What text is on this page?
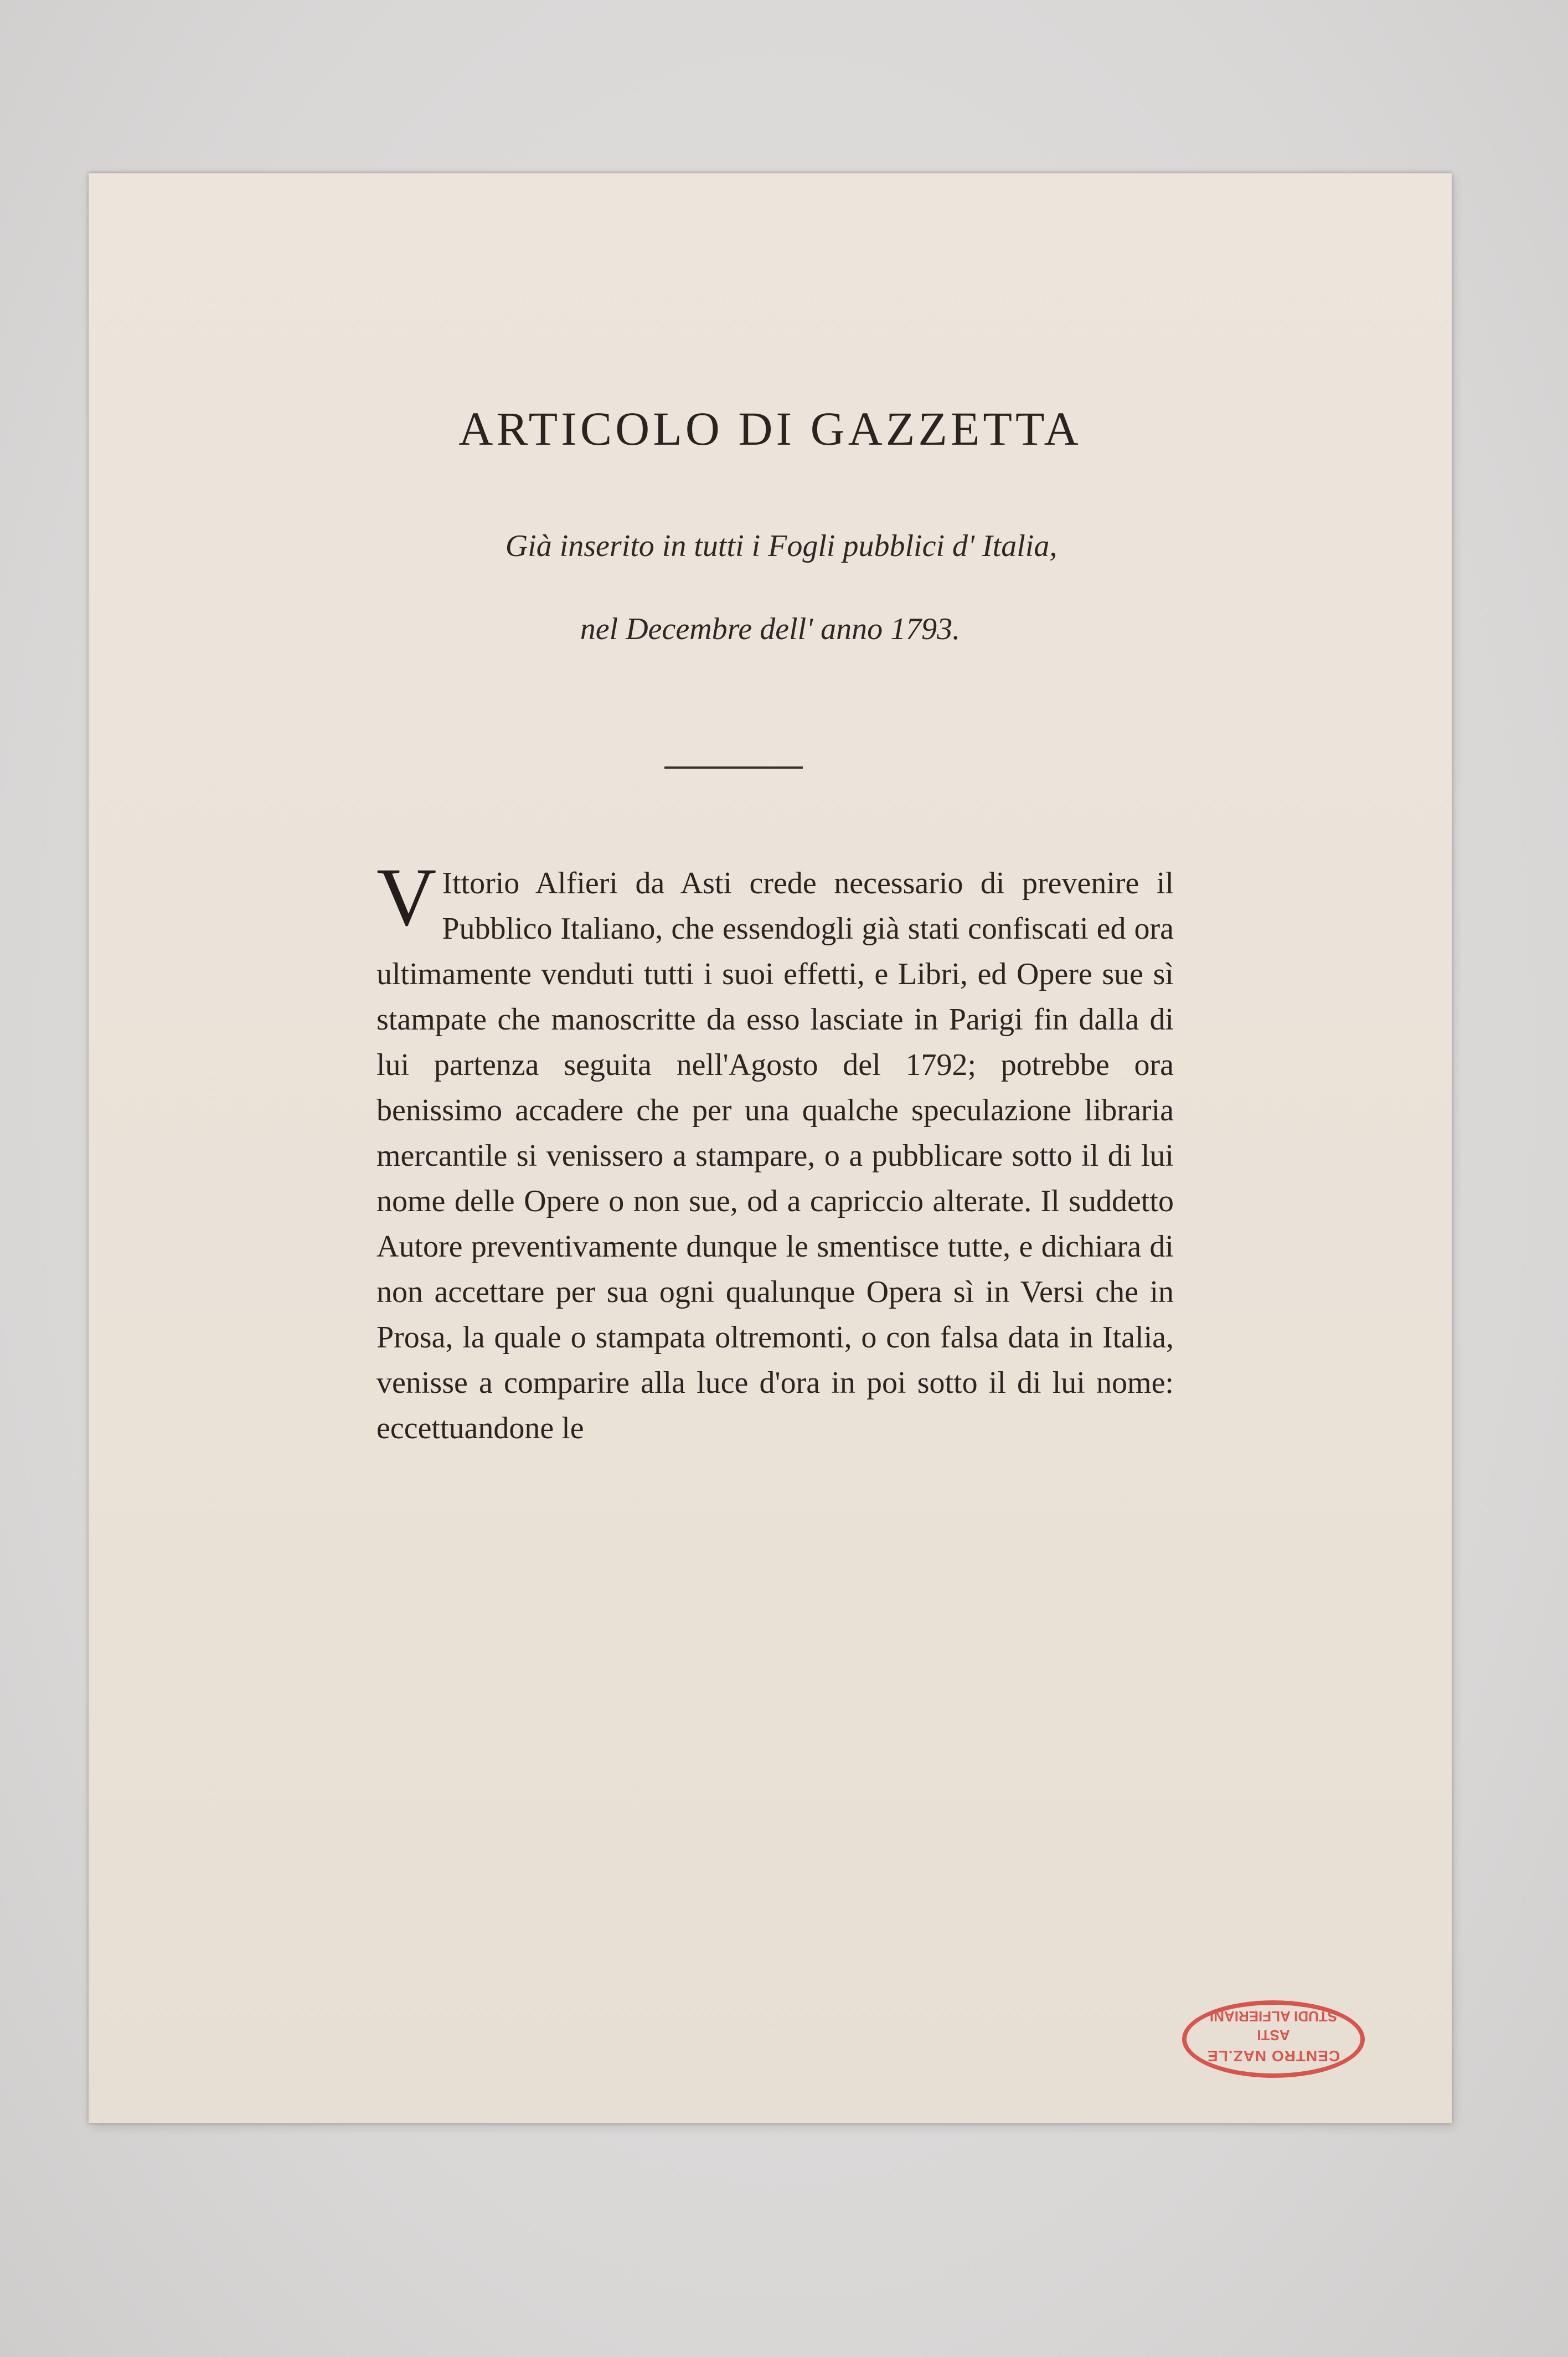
ARTICOLO DI GAZZETTA

Già inserito in tutti i Fogli pubblici d' Italia,

nel Decembre dell' anno 1793.

V Ittorio Alfieri da Asti crede necessario di prevenire il Pubblico Italiano, che essendogli già stati confiscati ed ora ultimamente venduti tutti i suoi effetti, e Libri, ed Opere sue sì stampate che manoscritte da esso lasciate in Parigi fin dalla di lui partenza seguita nell'Agosto del 1792; potrebbe ora benissimo accadere che per una qualche speculazione libraria mercantile si venissero a stampare, o a pubblicare sotto il di lui nome delle Opere o non sue, od a capriccio alterate. Il suddetto Autore preventivamente dunque le smentisce tutte, e dichiara di non accettare per sua ogni qualunque Opera sì in Versi che in Prosa, la quale o stampata oltremonti, o con falsa data in Italia, venisse a comparire alla luce d'ora in poi sotto il di lui nome: eccettuandone le

CENTRO NAZ.LE
ASTI
STUDI ALFIERIANI
